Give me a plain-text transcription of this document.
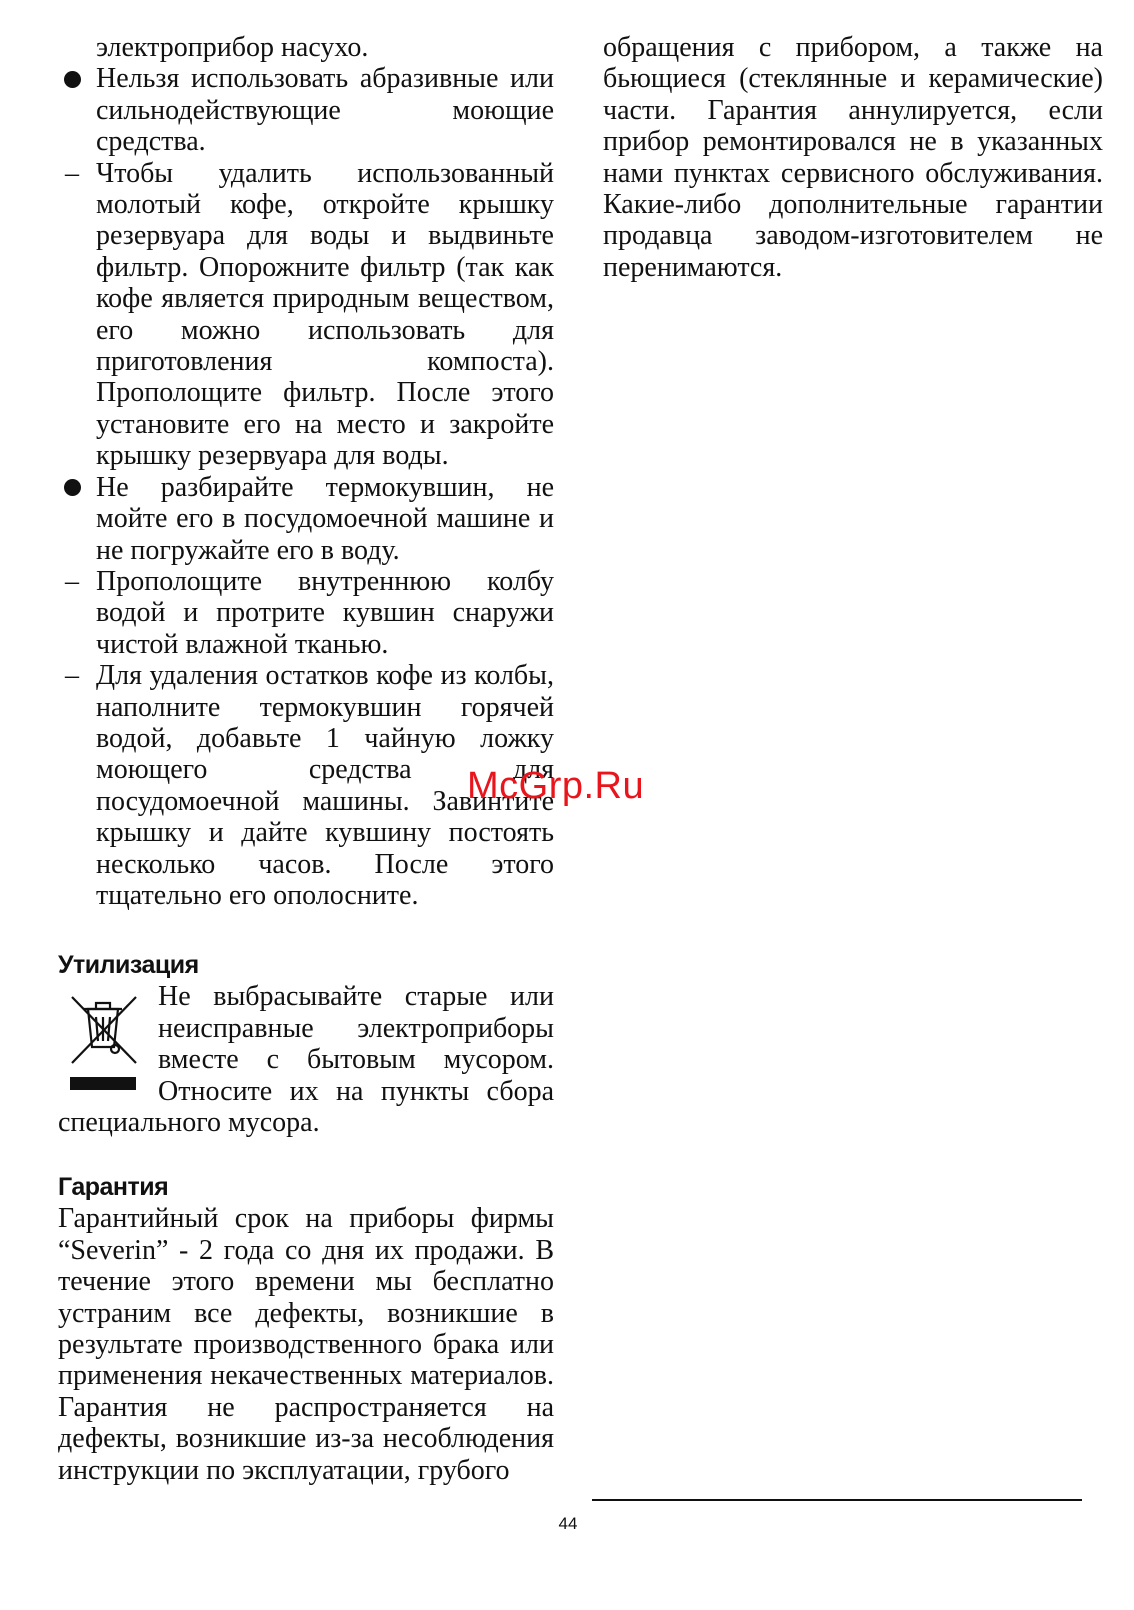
электроприбор насухо.

Нельзя использовать абразивные или сильнодействующие моющие средства.

– Чтобы удалить использованный молотый кофе, откройте крышку резервуара для воды и выдвиньте фильтр. Опорожните фильтр (так как кофе является природным веществом, его можно использовать для приготовления компоста). Прополощите фильтр. После этого установите его на место и закройте крышку резервуара для воды.

Не разбирайте термокувшин, не мойте его в посудомоечной машине и не погружайте его в воду.

– Прополощите внутреннюю колбу водой и протрите кувшин снаружи чистой влажной тканью.

– Для удаления остатков кофе из колбы, наполните термокувшин горячей водой, добавьте 1 чайную ложку моющего средства для посудомоечной машины. Завинтите крышку и дайте кувшину постоять несколько часов. После этого тщательно его ополосните.

Утилизация

Не выбрасывайте старые или неисправные электроприборы вместе с бытовым мусором. Относите их на пункты сбора специального мусора.

Гарантия

Гарантийный срок на приборы фирмы “Severin” - 2 года со дня их продажи. В течение этого времени мы бесплатно устраним все дефекты, возникшие в результате производственного брака или применения некачественных материалов. Гарантия не распространяется на дефекты, возникшие из-за несоблюдения инструкции по эксплуатации, грубого

обращения с прибором, а также на бьющиеся (стеклянные и керамические) части. Гарантия аннулируется, если прибор ремонтировался не в указанных нами пунктах сервисного обслуживания. Какие-либо дополнительные гарантии продавца заводом-изготовителем не перенимаются.

McGrp.Ru
44
